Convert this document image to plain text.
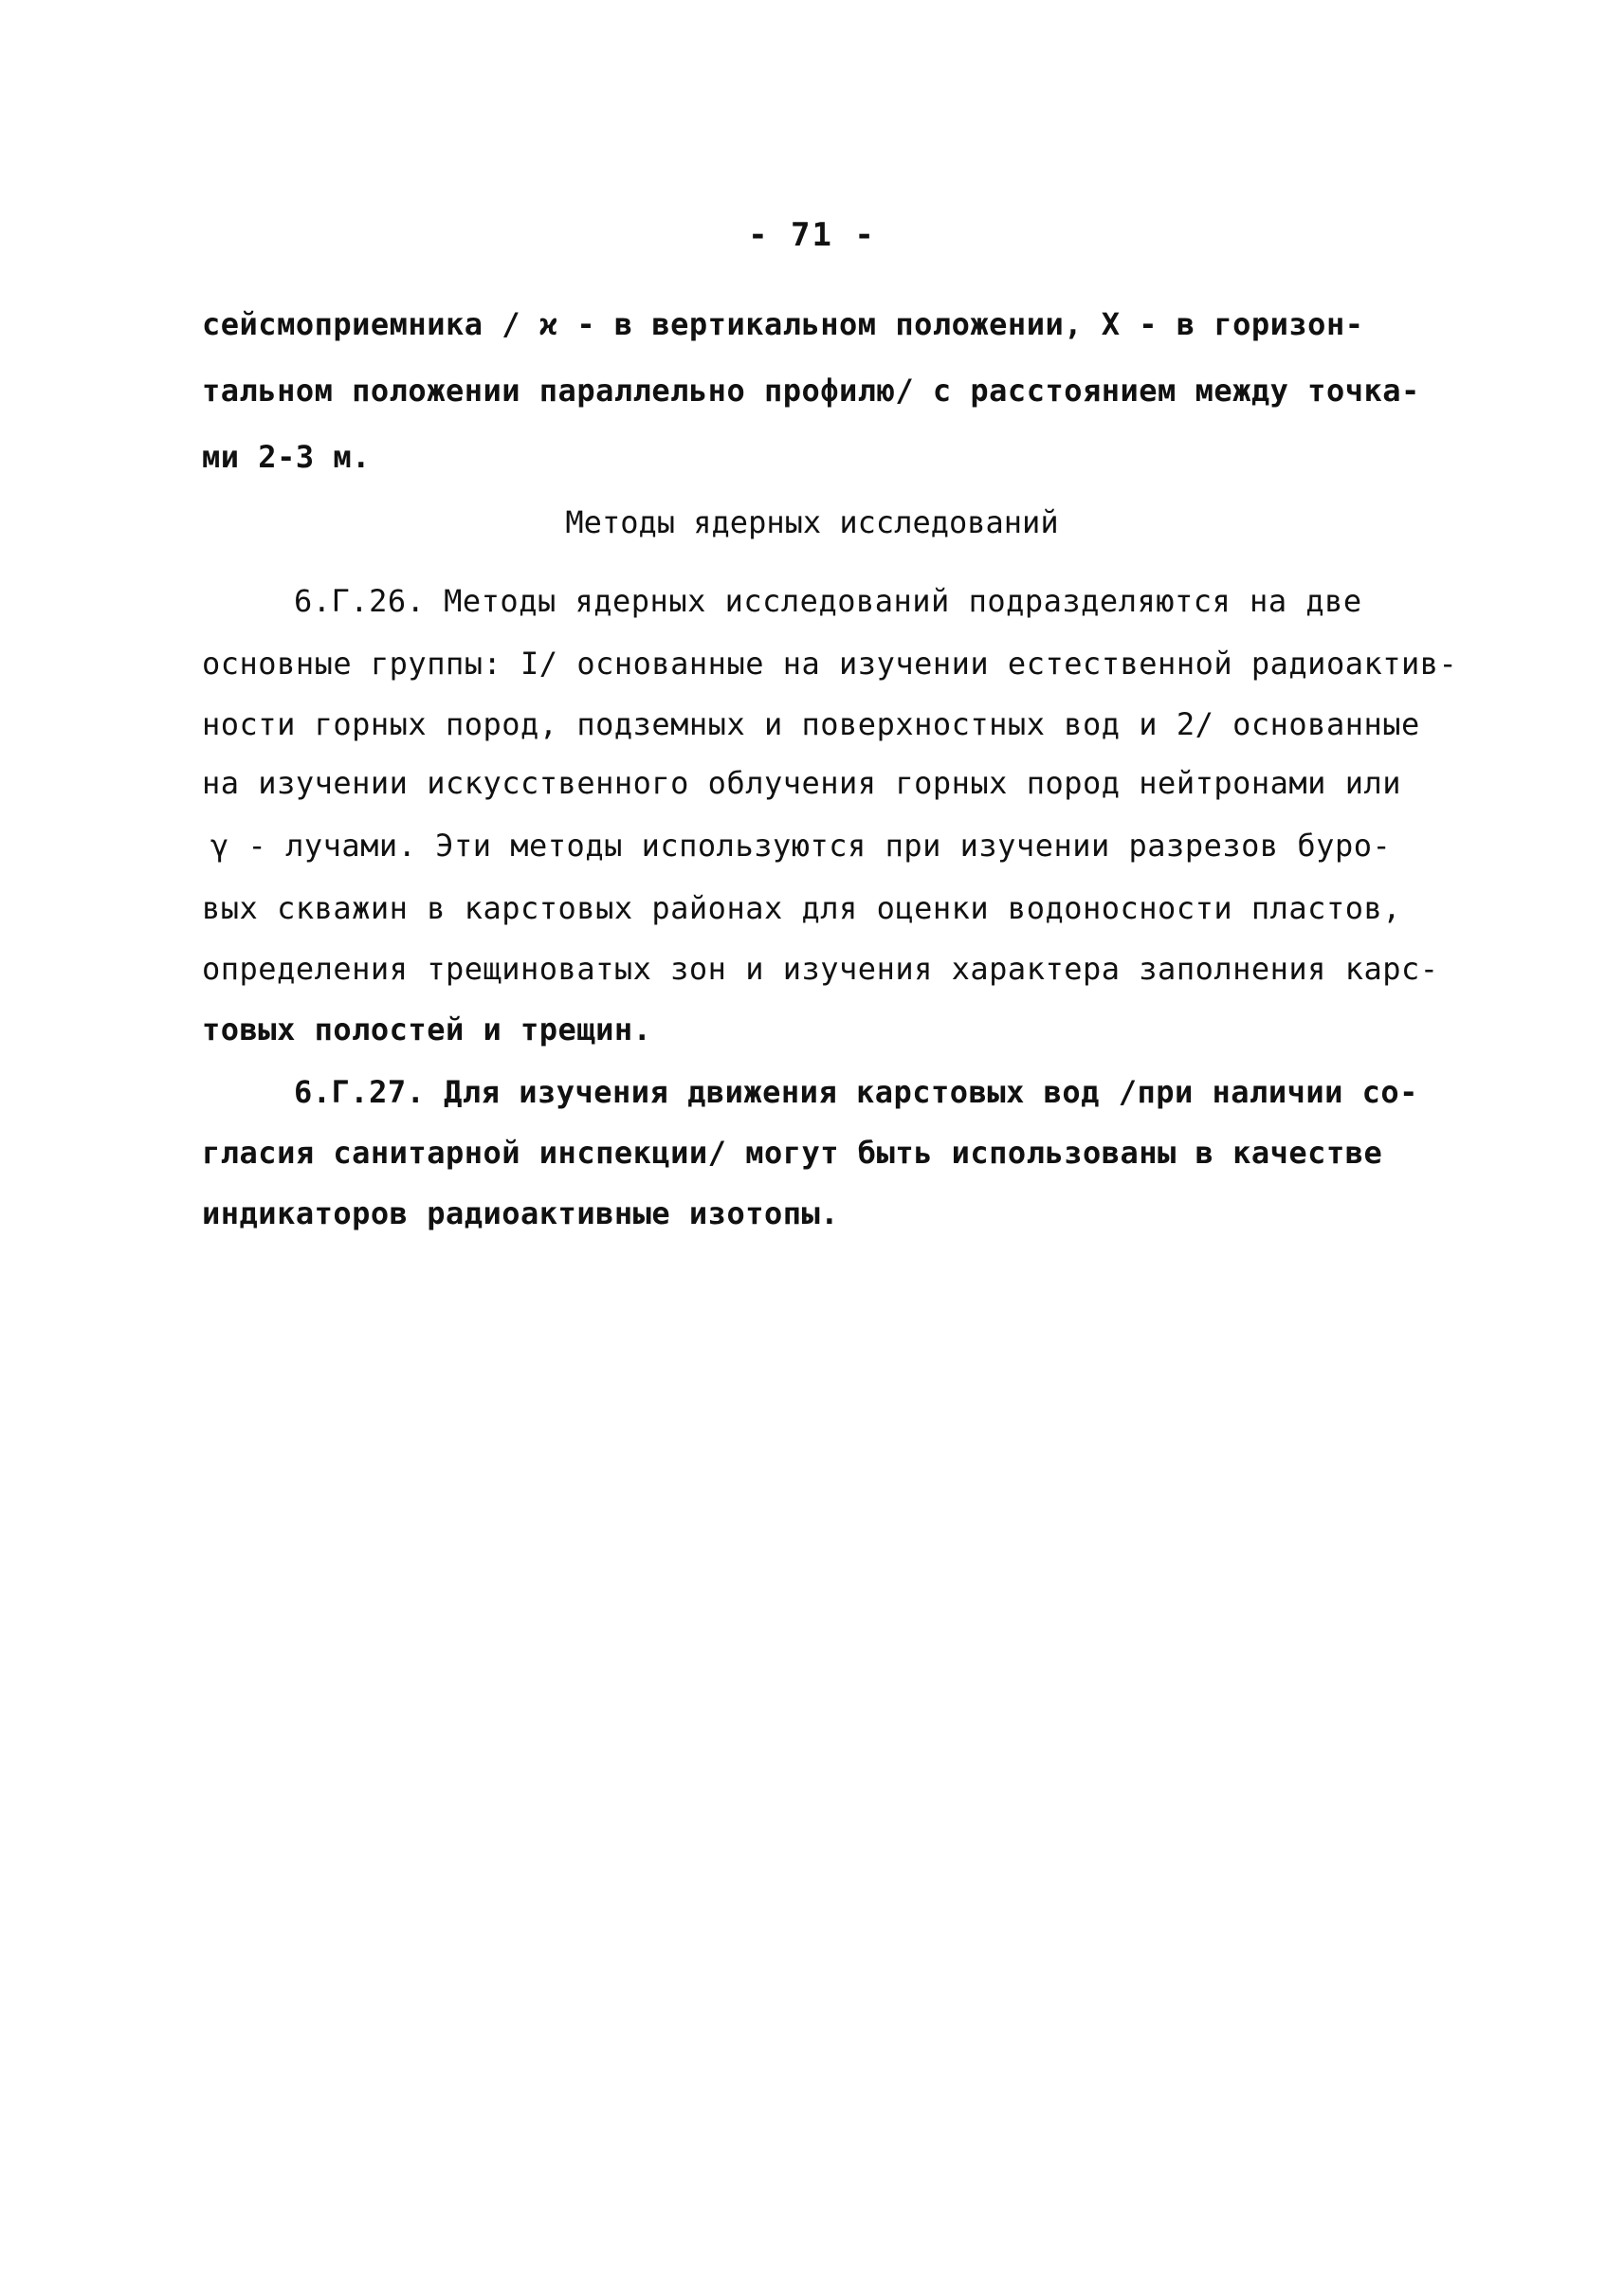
- 71 -
сейсмоприемника / ϰ - в вертикальном положении, X - в горизон-
тальном положении параллельно профилю/ с расстоянием между точка-
ми 2-3 м.
Методы ядерных исследований
6.Г.26. Методы ядерных исследований подразделяются на две
основные группы: I/ основанные на изучении естественной радиоактив-
ности горных пород, подземных и поверхностных вод и 2/ основанные
на изучении искусственного облучения горных пород нейтронами или
γ - лучами. Эти методы используются при изучении разрезов буро-
вых скважин в карстовых районах для оценки водоносности пластов,
определения трещиноватых зон и изучения характера заполнения карс-
товых полостей и трещин.
6.Г.27. Для изучения движения карстовых вод /при наличии со-
гласия санитарной инспекции/ могут быть использованы в качестве
индикаторов радиоактивные изотопы.
